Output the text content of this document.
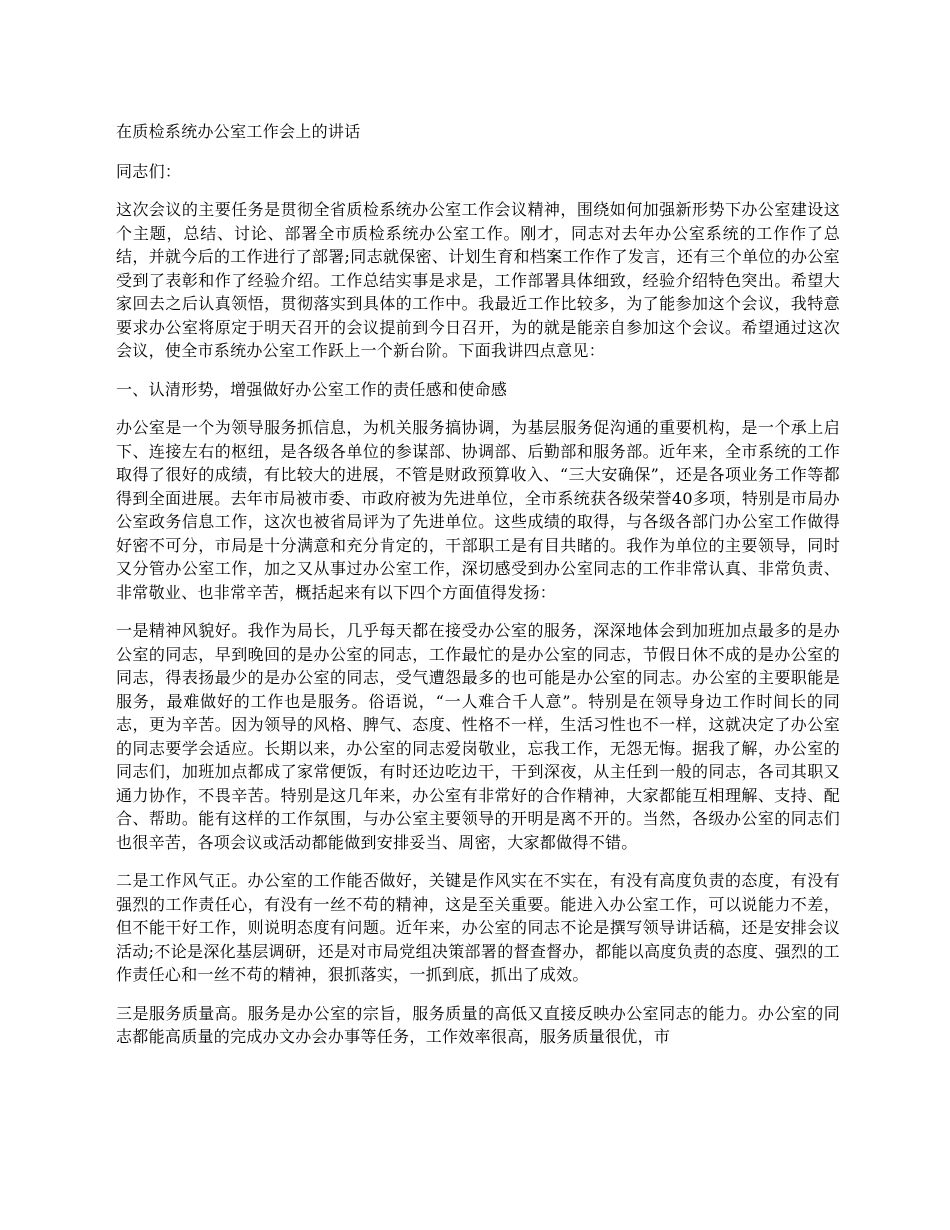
在质检系统办公室工作会上的讲话

同志们：

这次会议的主要任务是贯彻全省质检系统办公室工作会议精神，围绕如何加强新形势下办公室建设这个主题，总结、讨论、部署全市质检系统办公室工作。刚才，同志对去年办公室系统的工作作了总结，并就今后的工作进行了部署;同志就保密、计划生育和档案工作作了发言，还有三个单位的办公室受到了表彰和作了经验介绍。工作总结实事是求是，工作部署具体细致，经验介绍特色突出。希望大家回去之后认真领悟，贯彻落实到具体的工作中。我最近工作比较多，为了能参加这个会议，我特意要求办公室将原定于明天召开的会议提前到今日召开，为的就是能亲自参加这个会议。希望通过这次会议，使全市系统办公室工作跃上一个新台阶。下面我讲四点意见：

一、认清形势，增强做好办公室工作的责任感和使命感

办公室是一个为领导服务抓信息，为机关服务搞协调，为基层服务促沟通的重要机构，是一个承上启下、连接左右的枢纽，是各级各单位的参谋部、协调部、后勤部和服务部。近年来，全市系统的工作取得了很好的成绩，有比较大的进展，不管是财政预算收入、“三大安确保”，还是各项业务工作等都得到全面进展。去年市局被市委、市政府被为先进单位，全市系统获各级荣誉40多项，特别是市局办公室政务信息工作，这次也被省局评为了先进单位。这些成绩的取得，与各级各部门办公室工作做得好密不可分，市局是十分满意和充分肯定的，干部职工是有目共睹的。我作为单位的主要领导，同时又分管办公室工作，加之又从事过办公室工作，深切感受到办公室同志的工作非常认真、非常负责、非常敬业、也非常辛苦，概括起来有以下四个方面值得发扬：

一是精神风貌好。我作为局长，几乎每天都在接受办公室的服务，深深地体会到加班加点最多的是办公室的同志，早到晚回的是办公室的同志，工作最忙的是办公室的同志，节假日休不成的是办公室的同志，得表扬最少的是办公室的同志，受气遭怨最多的也可能是办公室的同志。办公室的主要职能是服务，最难做好的工作也是服务。俗语说，“一人难合千人意”。特别是在领导身边工作时间长的同志，更为辛苦。因为领导的风格、脾气、态度、性格不一样，生活习性也不一样，这就决定了办公室的同志要学会适应。长期以来，办公室的同志爱岗敬业，忘我工作，无怨无悔。据我了解，办公室的同志们，加班加点都成了家常便饭，有时还边吃边干，干到深夜，从主任到一般的同志，各司其职又通力协作，不畏辛苦。特别是这几年来，办公室有非常好的合作精神，大家都能互相理解、支持、配合、帮助。能有这样的工作氛围，与办公室主要领导的开明是离不开的。当然，各级办公室的同志们也很辛苦，各项会议或活动都能做到安排妥当、周密，大家都做得不错。

二是工作风气正。办公室的工作能否做好，关键是作风实在不实在，有没有高度负责的态度，有没有强烈的工作责任心，有没有一丝不苟的精神，这是至关重要。能进入办公室工作，可以说能力不差，但不能干好工作，则说明态度有问题。近年来，办公室的同志不论是撰写领导讲话稿，还是安排会议活动;不论是深化基层调研，还是对市局党组决策部署的督查督办，都能以高度负责的态度、强烈的工作责任心和一丝不苟的精神，狠抓落实，一抓到底，抓出了成效。

三是服务质量高。服务是办公室的宗旨，服务质量的高低又直接反映办公室同志的能力。办公室的同志都能高质量的完成办文办会办事等任务，工作效率很高，服务质量很优，市
